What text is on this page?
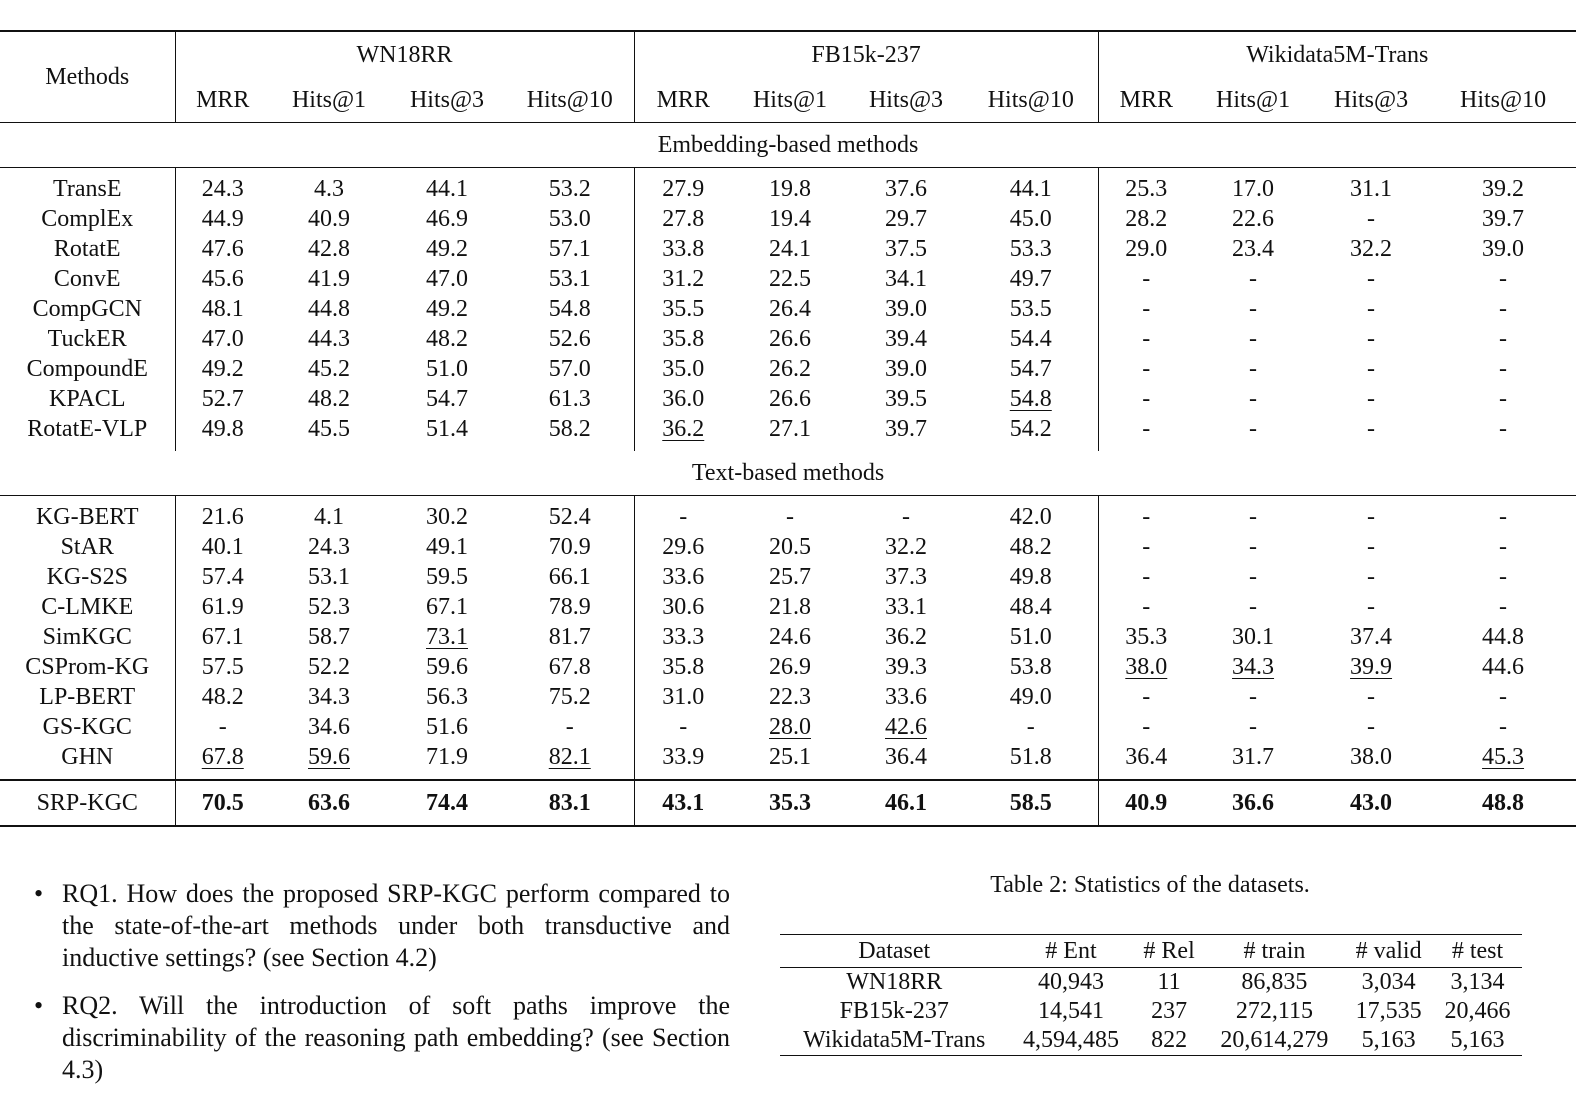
Methods	WN18RR				FB15k-237				Wikidata5M-Trans			
	MRR	Hits@1	Hits@3	Hits@10	MRR	Hits@1	Hits@3	Hits@10	MRR	Hits@1	Hits@3	Hits@10
Embedding-based methods												
TransE	24.3	4.3	44.1	53.2	27.9	19.8	37.6	44.1	25.3	17.0	31.1	39.2
ComplEx	44.9	40.9	46.9	53.0	27.8	19.4	29.7	45.0	28.2	22.6	-	39.7
RotatE	47.6	42.8	49.2	57.1	33.8	24.1	37.5	53.3	29.0	23.4	32.2	39.0
ConvE	45.6	41.9	47.0	53.1	31.2	22.5	34.1	49.7	-	-	-	-
CompGCN	48.1	44.8	49.2	54.8	35.5	26.4	39.0	53.5	-	-	-	-
TuckER	47.0	44.3	48.2	52.6	35.8	26.6	39.4	54.4	-	-	-	-
CompoundE	49.2	45.2	51.0	57.0	35.0	26.2	39.0	54.7	-	-	-	-
KPACL	52.7	48.2	54.7	61.3	36.0	26.6	39.5	54.8	-	-	-	-
RotatE-VLP	49.8	45.5	51.4	58.2	36.2	27.1	39.7	54.2	-	-	-	-
Text-based methods												
KG-BERT	21.6	4.1	30.2	52.4	-	-	-	42.0	-	-	-	-
StAR	40.1	24.3	49.1	70.9	29.6	20.5	32.2	48.2	-	-	-	-
KG-S2S	57.4	53.1	59.5	66.1	33.6	25.7	37.3	49.8	-	-	-	-
C-LMKE	61.9	52.3	67.1	78.9	30.6	21.8	33.1	48.4	-	-	-	-
SimKGC	67.1	58.7	73.1	81.7	33.3	24.6	36.2	51.0	35.3	30.1	37.4	44.8
CSProm-KG	57.5	52.2	59.6	67.8	35.8	26.9	39.3	53.8	38.0	34.3	39.9	44.6
LP-BERT	48.2	34.3	56.3	75.2	31.0	22.3	33.6	49.0	-	-	-	-
GS-KGC	-	34.6	51.6	-	-	28.0	42.6	-	-	-	-	-
GHN	67.8	59.6	71.9	82.1	33.9	25.1	36.4	51.8	36.4	31.7	38.0	45.3
SRP-KGC	70.5	63.6	74.4	83.1	43.1	35.3	46.1	58.5	40.9	36.6	43.0	48.8
• RQ1. How does the proposed SRP-KGC perform compared to the state-of-the-art methods under both transductive and inductive settings? (see Section 4.2)
• RQ2. Will the introduction of soft paths improve the discriminability of the reasoning path embedding? (see Section 4.3)
Table 2: Statistics of the datasets.
Dataset	# Ent	# Rel	# train	# valid	# test
WN18RR	40,943	11	86,835	3,034	3,134
FB15k-237	14,541	237	272,115	17,535	20,466
Wikidata5M-Trans	4,594,485	822	20,614,279	5,163	5,163
